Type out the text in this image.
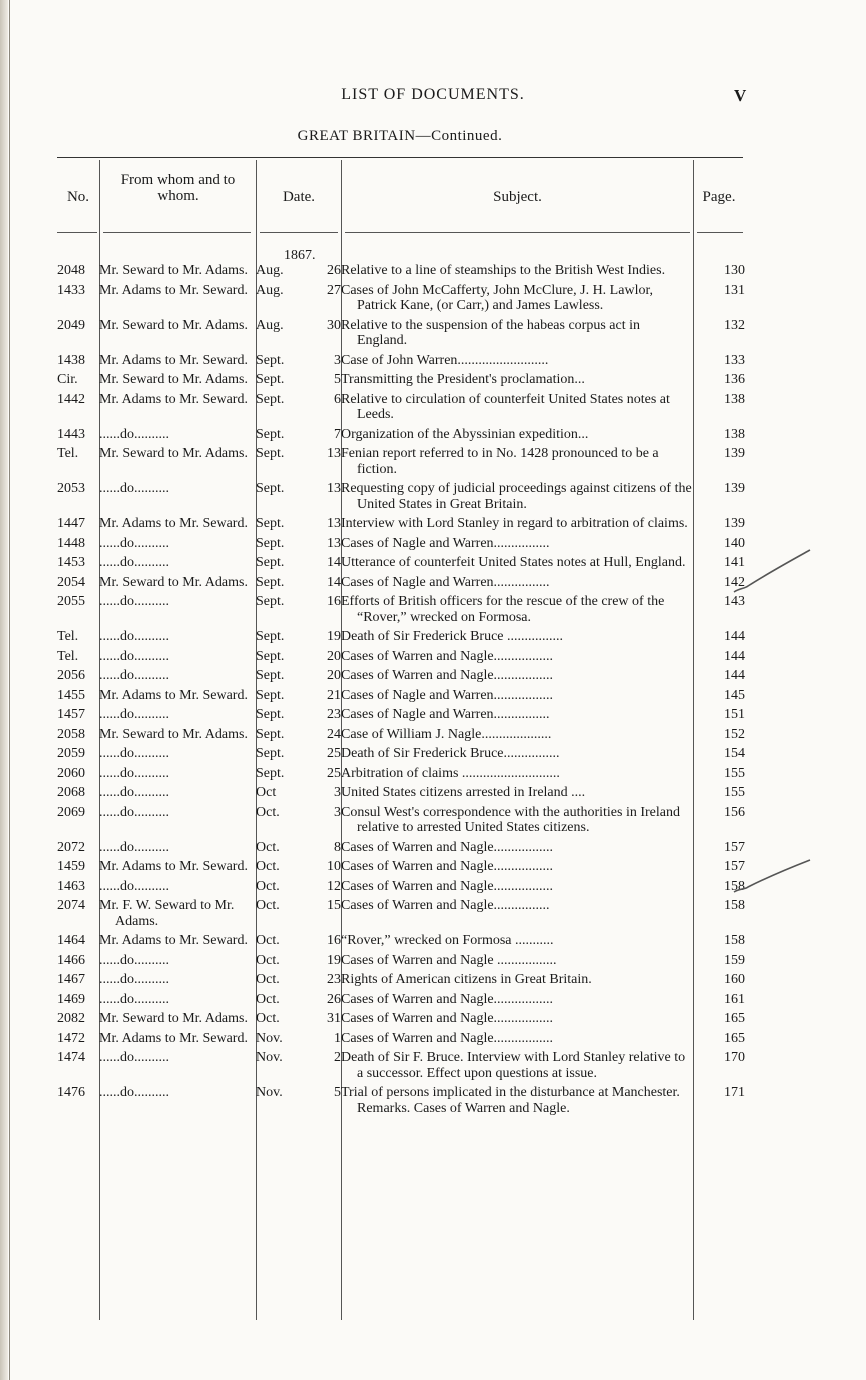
LIST OF DOCUMENTS.	V
GREAT BRITAIN—Continued.
No.
From whom and to whom.	Date.	Subject.	Page.
1867.
2048	Mr. Seward to Mr. Adams.	Aug.	26	Relative to a line of steamships to the British West Indies.	130

1433	Mr. Adams to Mr. Seward.	Aug.	27	Cases of John McCafferty, John McClure, J. H. Lawlor, Patrick Kane, (or Carr,) and James Lawless.	131

2049	Mr. Seward to Mr. Adams.	Aug.	30	Relative to the suspension of the habeas corpus act in England.	132

1438	Mr. Adams to Mr. Seward.	Sept.	3	Case of John Warren..........................	133

Cir.	Mr. Seward to Mr. Adams.	Sept.	5	Transmitting the President's proclamation...	136

1442	Mr. Adams to Mr. Seward.	Sept.	6	Relative to circulation of counterfeit United States notes at Leeds.	138

1443	......do..........	Sept.	7	Organization of the Abyssinian expedition...	138

Tel.	Mr. Seward to Mr. Adams.	Sept.	13	Fenian report referred to in No. 1428 pronounced to be a fiction.	139

2053	......do..........	Sept.	13	Requesting copy of judicial proceedings against citizens of the United States in Great Britain.	139

1447	Mr. Adams to Mr. Seward.	Sept.	13	Interview with Lord Stanley in regard to arbitration of claims.	139

1448	......do..........	Sept.	13	Cases of Nagle and Warren................	140

1453	......do..........	Sept.	14	Utterance of counterfeit United States notes at Hull, England.	141

2054	Mr. Seward to Mr. Adams.	Sept.	14	Cases of Nagle and Warren................	142

2055	......do..........	Sept.	16	Efforts of British officers for the rescue of the crew of the “Rover,” wrecked on Formosa.	143

Tel.	......do..........	Sept.	19	Death of Sir Frederick Bruce ................	144

Tel.	......do..........	Sept.	20	Cases of Warren and Nagle.................	144

2056	......do..........	Sept.	20	Cases of Warren and Nagle.................	144

1455	Mr. Adams to Mr. Seward.	Sept.	21	Cases of Nagle and Warren.................	145

1457	......do..........	Sept.	23	Cases of Nagle and Warren................	151

2058	Mr. Seward to Mr. Adams.	Sept.	24	Case of William J. Nagle....................	152

2059	......do..........	Sept.	25	Death of Sir Frederick Bruce................	154

2060	......do..........	Sept.	25	Arbitration of claims ............................	155

2068	......do..........	Oct	3	United States citizens arrested in Ireland ....	155

2069	......do..........	Oct.	3	Consul West's correspondence with the authorities in Ireland relative to arrested United States citizens.	156

2072	......do..........	Oct.	8	Cases of Warren and Nagle.................	157

1459	Mr. Adams to Mr. Seward.	Oct.	10	Cases of Warren and Nagle.................	157

1463	......do..........	Oct.	12	Cases of Warren and Nagle.................	158

2074	Mr. F. W. Seward to Mr. Adams.	Oct.	15	Cases of Warren and Nagle................	158

1464	Mr. Adams to Mr. Seward.	Oct.	16	“Rover,” wrecked on Formosa ...........	158

1466	......do..........	Oct.	19	Cases of Warren and Nagle .................	159

1467	......do..........	Oct.	23	Rights of American citizens in Great Britain.	160

1469	......do..........	Oct.	26	Cases of Warren and Nagle.................	161

2082	Mr. Seward to Mr. Adams.	Oct.	31	Cases of Warren and Nagle.................	165

1472	Mr. Adams to Mr. Seward.	Nov.	1	Cases of Warren and Nagle.................	165

1474	......do..........	Nov.	2	Death of Sir F. Bruce. Interview with Lord Stanley relative to a successor. Effect upon questions at issue.	170

1476	......do..........	Nov.	5	Trial of persons implicated in the disturbance at Manchester. Remarks. Cases of Warren and Nagle.	171
